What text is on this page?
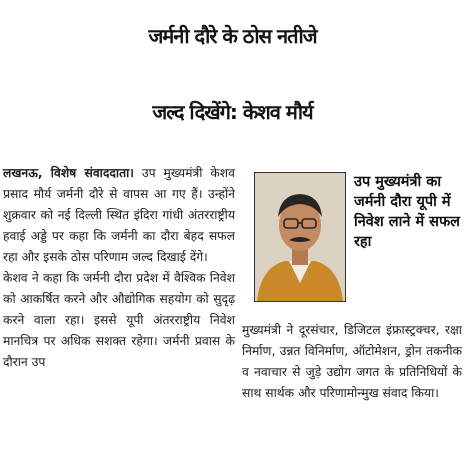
जर्मनी दौरे के ठोस नतीजे
जल्द दिखेंगे: केशव मौर्य

लखनऊ, विशेष संवाददाता। उप मुख्यमंत्री केशव प्रसाद मौर्य जर्मनी दौरे से वापस आ गए हैं। उन्होंने शुक्रवार को नई दिल्ली स्थित इंदिरा गांधी अंतरराष्ट्रीय हवाई अड्डे पर कहा कि जर्मनी का दौरा बेहद सफल रहा और इसके ठोस परिणाम जल्द दिखाई देंगे।

केशव ने कहा कि जर्मनी दौरा प्रदेश में वैश्विक निवेश को आकर्षित करने और औद्योगिक सहयोग को सुदृढ़ करने वाला रहा। इससे यूपी अंतरराष्ट्रीय निवेश मानचित्र पर अधिक सशक्त रहेगा। जर्मनी प्रवास के दौरान उप

उप मुख्यमंत्री का जर्मनी दौरा यूपी में निवेश लाने में सफल रहा

मुख्यमंत्री ने दूरसंचार, डिजिटल इंफ्रास्ट्रक्चर, रक्षा निर्माण, उन्नत विनिर्माण, ऑटोमेशन, ड्रोन तकनीक व नवाचार से जुड़े उद्योग जगत के प्रतिनिधियों के साथ सार्थक और परिणामोन्मुख संवाद किया।
